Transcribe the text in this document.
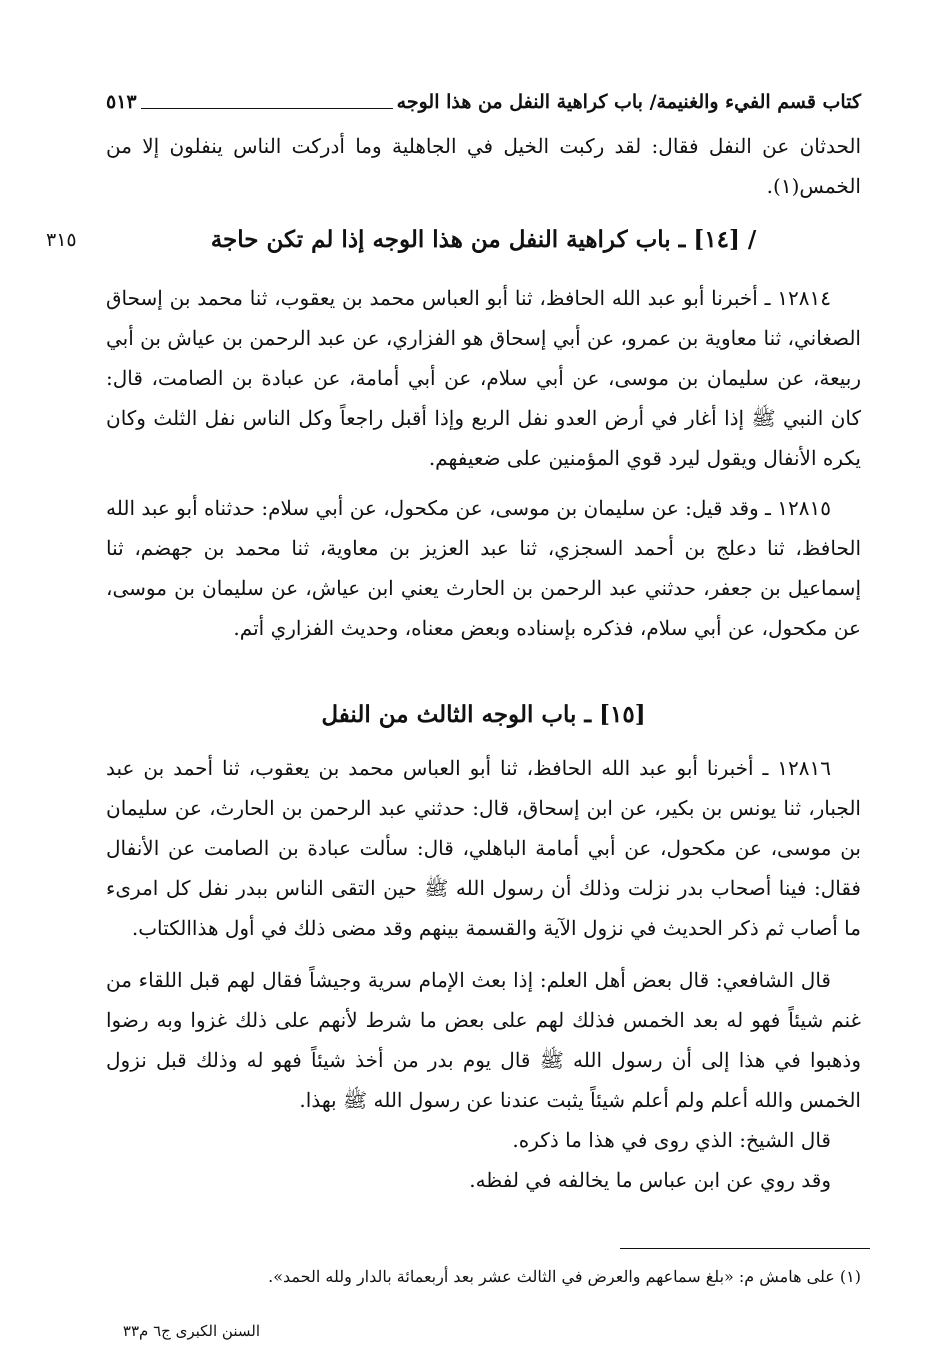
كتاب قسم الفيء والغنيمة/ باب كراهية النفل من هذا الوجه
٥١٣

الحدثان عن النفل فقال: لقد ركبت الخيل في الجاهلية وما أدركت الناس ينفلون إلا من الخمس(١).

٣١٥	/ [١٤] ـ باب كراهية النفل من هذا الوجه إذا لم تكن حاجة

١٢٨١٤ ـ أخبرنا أبو عبد الله الحافظ، ثنا أبو العباس محمد بن يعقوب، ثنا محمد بن إسحاق الصغاني، ثنا معاوية بن عمرو، عن أبي إسحاق هو الفزاري، عن عبد الرحمن بن عياش بن أبي ربيعة، عن سليمان بن موسى، عن أبي سلام، عن أبي أمامة، عن عبادة بن الصامت، قال: كان النبي ﷺ إذا أغار في أرض العدو نفل الربع وإذا أقبل راجعاً وكل الناس نفل الثلث وكان يكره الأنفال ويقول ليرد قوي المؤمنين على ضعيفهم.

١٢٨١٥ ـ وقد قيل: عن سليمان بن موسى، عن مكحول، عن أبي سلام: حدثناه أبو عبد الله الحافظ، ثنا دعلج بن أحمد السجزي، ثنا عبد العزيز بن معاوية، ثنا محمد بن جهضم، ثنا إسماعيل بن جعفر، حدثني عبد الرحمن بن الحارث يعني ابن عياش، عن سليمان بن موسى، عن مكحول، عن أبي سلام، فذكره بإسناده وبعض معناه، وحديث الفزاري أتم.

[١٥] ـ باب الوجه الثالث من النفل

١٢٨١٦ ـ أخبرنا أبو عبد الله الحافظ، ثنا أبو العباس محمد بن يعقوب، ثنا أحمد بن عبد الجبار، ثنا يونس بن بكير، عن ابن إسحاق، قال: حدثني عبد الرحمن بن الحارث، عن سليمان بن موسى، عن مكحول، عن أبي أمامة الباهلي، قال: سألت عبادة بن الصامت عن الأنفال فقال: فينا أصحاب بدر نزلت وذلك أن رسول الله ﷺ حين التقى الناس ببدر نفل كل امرىء ما أصاب ثم ذكر الحديث في نزول الآية والقسمة بينهم وقد مضى ذلك في أول هذاالكتاب.

قال الشافعي: قال بعض أهل العلم: إذا بعث الإمام سرية وجيشاً فقال لهم قبل اللقاء من غنم شيئاً فهو له بعد الخمس فذلك لهم على بعض ما شرط لأنهم على ذلك غزوا وبه رضوا وذهبوا في هذا إلى أن رسول الله ﷺ قال يوم بدر من أخذ شيئاً فهو له وذلك قبل نزول الخمس والله أعلم ولم أعلم شيئاً يثبت عندنا عن رسول الله ﷺ بهذا.

قال الشيخ: الذي روى في هذا ما ذكره.

وقد روي عن ابن عباس ما يخالفه في لفظه.

(١) على هامش م: «بلغ سماعهم والعرض في الثالث عشر بعد أربعمائة بالدار ولله الحمد».
السنن الكبرى ج٦ م٣٣
